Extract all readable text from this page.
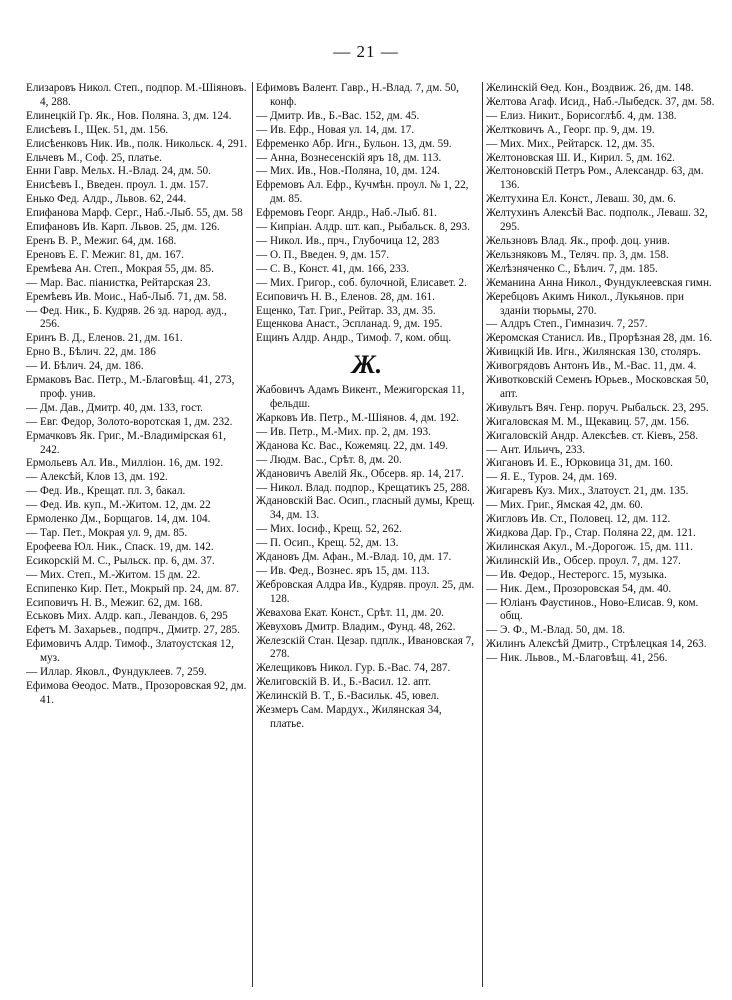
— 21 —

Елизаровъ Никол. Степ., подпор. М.-Шіяновъ. 4, 288.

Елинецкій Гр. Як., Нов. Поляна. 3, дм. 124.

Елисѣевъ I., Щек. 51, дм. 156.

Елисѣенковъ Ник. Ив., полк. Никольск. 4, 291.

Ельчевъ М., Соф. 25, платье.

Енни Гавр. Мельх. Н.-Влад. 24, дм. 50.

Енисѣевъ I., Введен. проул. 1. дм. 157.

Енько Фед. Алдр., Львов. 62, 244.

Епифанова Марф. Серг., Наб.-Лыб. 55, дм. 58

Епифановъ Ив. Карп. Львов. 25, дм. 126.

Еренъ В. Р., Межиг. 64, дм. 168.

Ереновъ Е. Г. Межиг. 81, дм. 167.

Еремѣева Ан. Степ., Мокрая 55, дм. 85.

— Мар. Вас. піанистка, Рейтарская 23.

Еремѣевъ Ив. Моис., Наб-Лыб. 71, дм. 58.

— Фед. Ник., Б. Кудряв. 26 зд. народ. ауд., 256.

Еринъ В. Д., Еленов. 21, дм. 161.

Ерно В., Бѣлич. 22, дм. 186

— И. Бѣлич. 24, дм. 186.

Ермаковъ Вас. Петр., М.-Благовѣщ. 41, 273, проф. унив.

— Дм. Дав., Дмитр. 40, дм. 133, гост.

— Евг. Федор, Золото-воротская 1, дм. 232.

Ермачковъ Як. Григ., М.-Владимірская 61, 242.

Ермольевъ Ал. Ив., Милліон. 16, дм. 192.

— Алексѣй, Клов 13, дм. 192.

— Фед. Ив., Крещат. пл. 3, бакал.

— Фед. Ив. куп., М.-Житом. 12, дм. 22

Ермоленко Дм., Борщагов. 14, дм. 104.

— Тар. Пет., Мокрая ул. 9, дм. 85.

Ерофеева Юл. Ник., Спаск. 19, дм. 142.

Есикорскій М. С., Рыльск. пр. 6, дм. 37.

— Мих. Степ., М.-Житом. 15 дм. 22.

Еспипенко Кир. Пет., Мокрый пр. 24, дм. 87.

Есиповичъ Н. В., Межиг. 62, дм. 168.

Еськовъ Мих. Алдр. кап., Левандов. 6, 295

Ефетъ М. Захарьев., подпрч., Дмитр. 27, 285.

Ефимовичъ Алдр. Тимоф., Златоустская 12, муз.

— Иллар. Яковл., Фундуклеев. 7, 259.

Ефимова Ѳеодос. Матв., Прозоровская 92, дм. 41.

Ефимовъ Валент. Гавр., Н.-Влад. 7, дм. 50, конф.

— Дмитр. Ив., Б.-Вас. 152, дм. 45.

— Ив. Ефр., Новая ул. 14, дм. 17.

Ефременко Абр. Игн., Бульон. 13, дм. 59.

— Анна, Вознесенскій яръ 18, дм. 113.

— Мих. Ив., Нов.-Поляна, 10, дм. 124.

Ефремовъ Ал. Ефр., Кучмѣн. проул. № 1, 22, дм. 85.

Ефремовъ Георг. Андр., Наб.-Лыб. 81.

— Кипріан. Алдр. шт. кап., Рыбальск. 8, 293.

— Никол. Ив., прч., Глубочица 12, 283

— О. П., Введен. 9, дм. 157.

— С. В., Конст. 41, дм. 166, 233.

— Мих. Григор., соб. булочной, Елисавет. 2.

Есиповичъ Н. В., Еленов. 28, дм. 161.

Ещенко, Тат. Григ., Рейтар. 33, дм. 35.

Ещенкова Анаст., Эспланад. 9, дм. 195.

Ещинъ Алдр. Андр., Тимоф. 7, ком. общ.

Ж.

Жабовичъ Адамъ Викент., Межигорская 11, фельдш.

Жарковъ Ив. Петр., М.-Шіянов. 4, дм. 192.

— Ив. Петр., М.-Мих. пр. 2, дм. 193.

Жданова Кс. Вас., Кожемяц. 22, дм. 149.

— Людм. Вас., Срѣт. 8, дм. 20.

Ждановичъ Авелій Як., Обсерв. яр. 14, 217.

— Никол. Влад. подпор., Крещатикъ 25, 288.

Ждановскій Вас. Осип., гласный думы, Крещ. 34, дм. 13.

— Мих. Іосиф., Крещ. 52, 262.

— П. Осип., Крещ. 52, дм. 13.

Ждановъ Дм. Афан., М.-Влад. 10, дм. 17.

— Ив. Фед., Вознес. яръ 15, дм. 113.

Жебровская Алдра Ив., Кудряв. проул. 25, дм. 128.

Жевахова Екат. Конст., Срѣт. 11, дм. 20.

Жевуховъ Дмитр. Владим., Фунд. 48, 262.

Железскій Стан. Цезар. пдплк., Ивановская 7, 278.

Желещиковъ Никол. Гур. Б.-Вас. 74, 287.

Желиговскій В. И., Б.-Васил. 12. апт.

Желинскій В. Т., Б.-Васильк. 45, ювел.

Жезмеръ Сам. Мардух., Жилянская 34, платье.

Желинскій Ѳед. Кон., Воздвиж. 26, дм. 148.

Желтова Агаф. Исид., Наб.-Лыбедск. 37, дм. 58.

— Елиз. Никит., Борисоглѣб. 4, дм. 138.

Желтковичъ А., Георг. пр. 9, дм. 19.

— Мих. Мих., Рейтарск. 12, дм. 35.

Желтоновская Ш. И., Кирил. 5, дм. 162.

Желтоновскій Петръ Ром., Александр. 63, дм. 136.

Желтухина Ел. Конст., Леваш. 30, дм. 6.

Желтухинъ Алексѣй Вас. подполк., Леваш. 32, 295.

Жельзновъ Влад. Як., проф. доц. унив.

Жельзняковъ М., Теляч. пр. 3, дм. 158.

Желѣзняченко С., Бѣлич. 7, дм. 185.

Жеманина Анна Никол., Фундуклеевская гимн.

Жеребцовъ Акимъ Никол., Лукьянов. при зданіи тюрьмы, 270.

— Алдръ Степ., Гимназич. 7, 257.

Жеромская Станисл. Ив., Прорѣзная 28, дм. 16.

Живицкій Ив. Игн., Жилянская 130, столяръ.

Живогрядовъ Антонъ Ив., М.-Вас. 11, дм. 4.

Животковскій Семенъ Юрьев., Московская 50, апт.

Живультъ Вяч. Генр. поруч. Рыбальск. 23, 295.

Жигаловская М. М., Щекавиц. 57, дм. 156.

Жигаловскій Андр. Алексѣев. ст. Кіевъ, 258.

— Ант. Ильичъ, 233.

Жигановъ И. Е., Юрковица 31, дм. 160.

— Я. Е., Туров. 24, дм. 169.

Жигаревъ Куз. Мих., Златоуст. 21, дм. 135.

— Мих. Григ., Ямская 42, дм. 60.

Жигловъ Ив. Ст., Половец. 12, дм. 112.

Жидкова Дар. Гр., Стар. Полянa 22, дм. 121.

Жилинская Акул., М.-Дорогож. 15, дм. 111.

Жилинскій Ив., Обсер. проул. 7, дм. 127.

— Ив. Федор., Нестерогс. 15, музыка.

— Ник. Дем., Прозоровская 54, дм. 40.

— Юліанъ Фаустинов., Ново-Елисав. 9, ком. общ.

— Э. Ф., М.-Влад. 50, дм. 18.

Жилинъ Алексѣй Дмитр., Стрѣлецкая 14, 263.

— Ник. Львов., М.-Благовѣщ. 41, 256.
